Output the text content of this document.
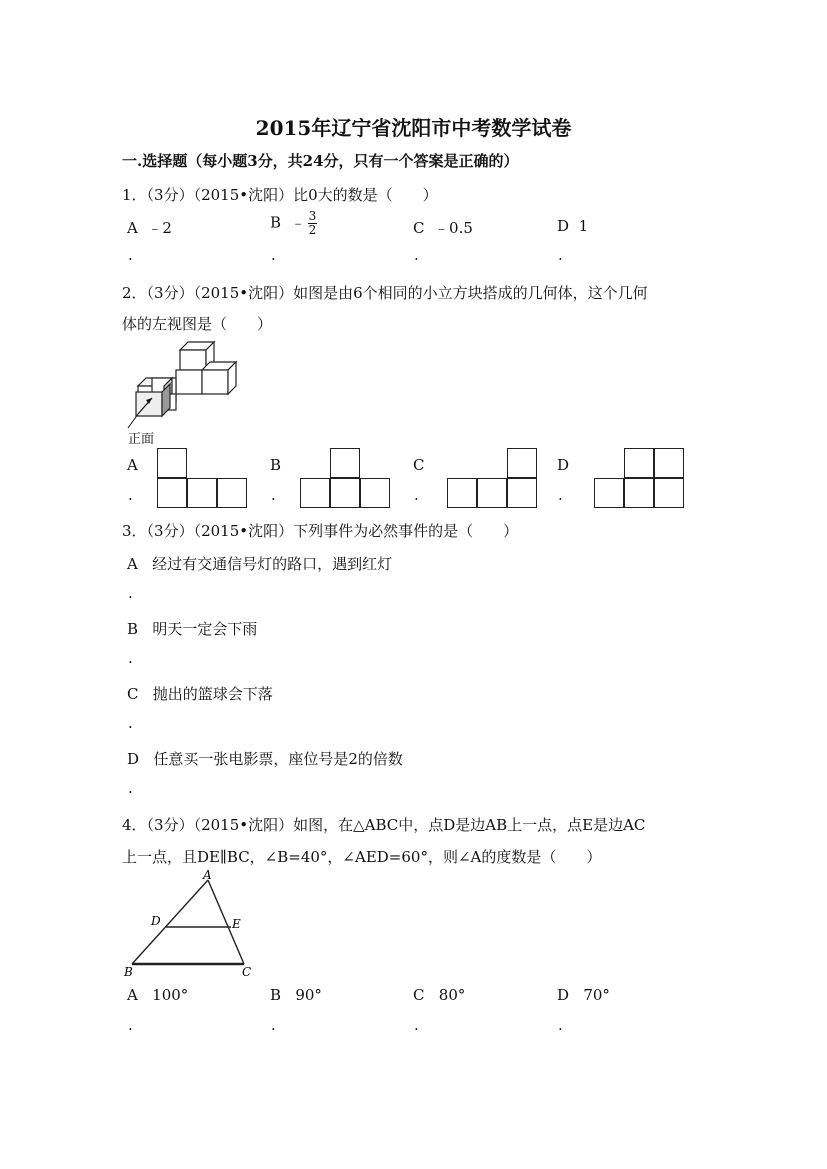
2015年辽宁省沈阳市中考数学试卷
一.选择题（每小题3分，共24分，只有一个答案是正确的）
1．（3分）（2015•沈阳）比0大的数是（　　）
A ﹣2	B ﹣ $\frac{3}{2}$	C ﹣0.5	D 1
.	.	.	.
2．（3分）（2015•沈阳）如图是由6个相同的小立方块搭成的几何体，这个几何
体的左视图是（　　）
正面
A
.
B
.
C
.
D
.
3．（3分）（2015•沈阳）下列事件为必然事件的是（　　）
A 经过有交通信号灯的路口，遇到红灯
.
B 明天一定会下雨
.
C 抛出的篮球会下落
.
D 任意买一张电影票，座位号是2的倍数
.
4．（3分）（2015•沈阳）如图，在△ABC中，点D是边AB上一点，点E是边AC
上一点，且DE∥BC，∠B=40°，∠AED=60°，则∠A的度数是（　　）
A
D	E
B	C
A 100°	B 90°	C 80°	D 70°
.	.	.	.
